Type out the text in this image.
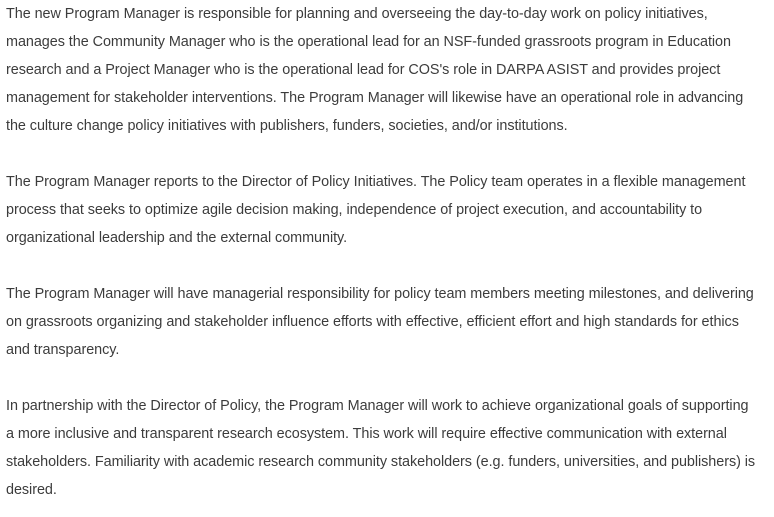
The new Program Manager is responsible for planning and overseeing the day-to-day work on policy initiatives,
manages the Community Manager who is the operational lead for an NSF-funded grassroots program in Education
research and a Project Manager who is the operational lead for COS's role in DARPA ASIST and provides project
management for stakeholder interventions. The Program Manager will likewise have an operational role in advancing
the culture change policy initiatives with publishers, funders, societies, and/or institutions.

The Program Manager reports to the Director of Policy Initiatives. The Policy team operates in a flexible management
process that seeks to optimize agile decision making, independence of project execution, and accountability to
organizational leadership and the external community.

The Program Manager will have managerial responsibility for policy team members meeting milestones, and delivering
on grassroots organizing and stakeholder influence efforts with effective, efficient effort and high standards for ethics
and transparency.

In partnership with the Director of Policy, the Program Manager will work to achieve organizational goals of supporting
a more inclusive and transparent research ecosystem. This work will require effective communication with external
stakeholders. Familiarity with academic research community stakeholders (e.g. funders, universities, and publishers) is
desired.
